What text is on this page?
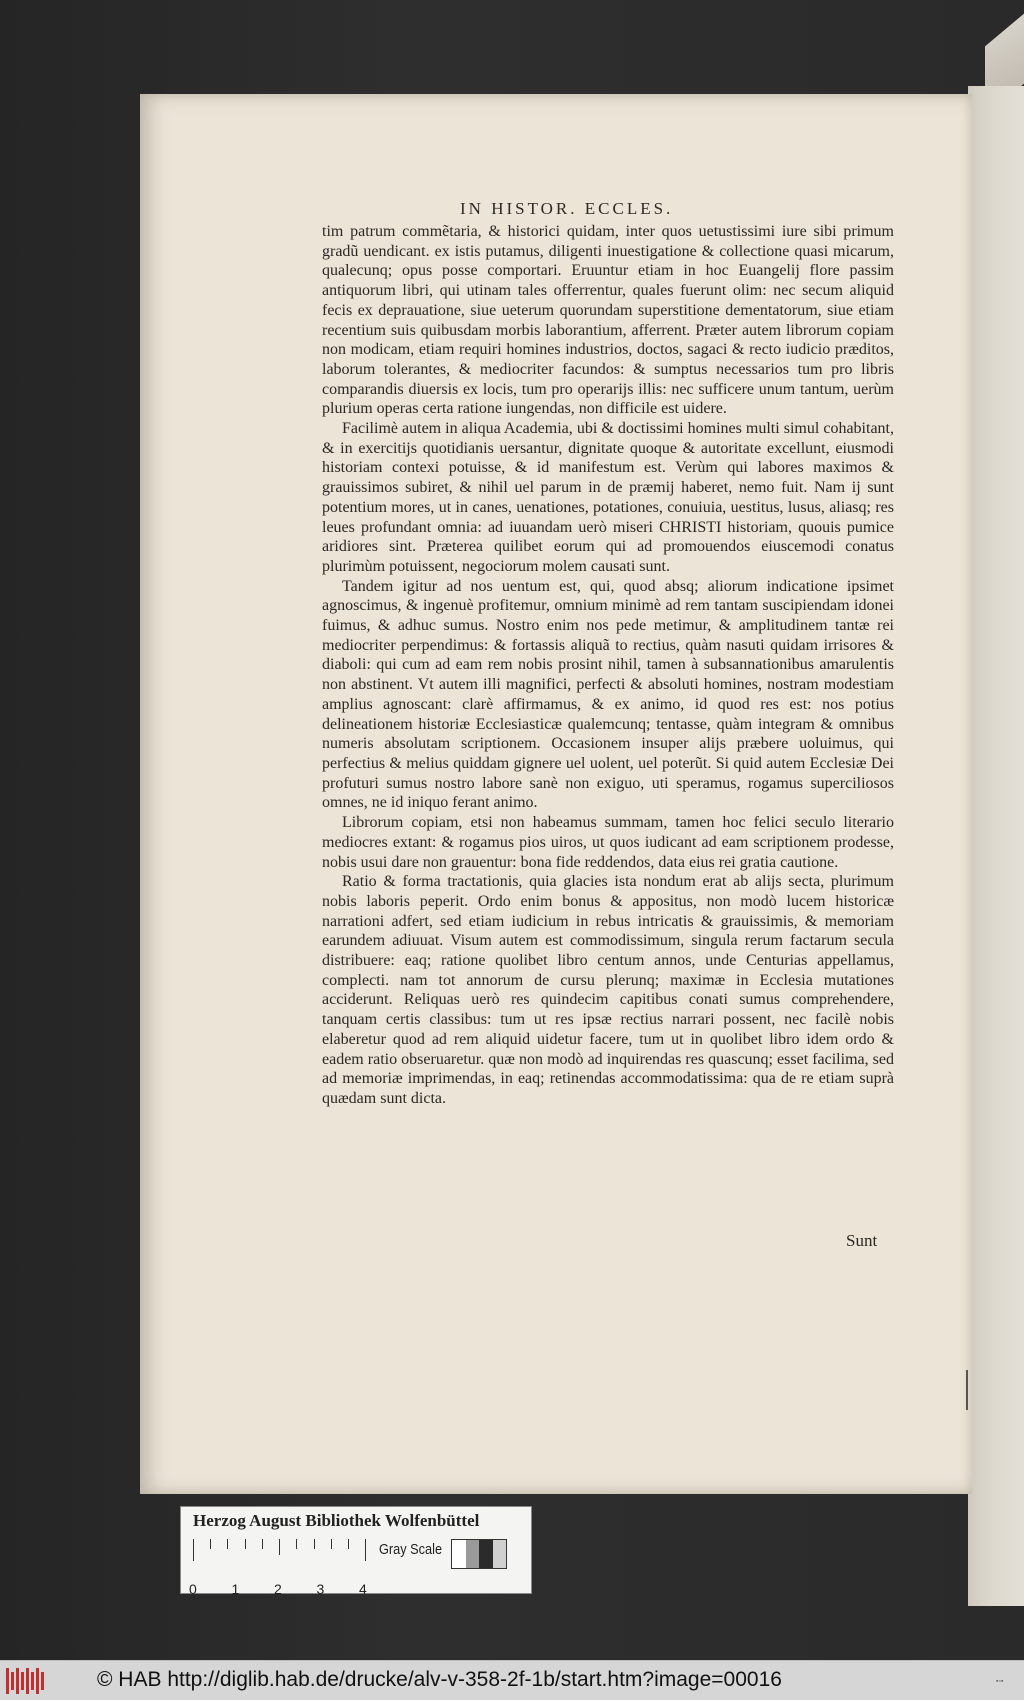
IN HISTOR. ECCLES.

tim patrum commẽtaria, & historici quidam, inter quos uetustissimi iure sibi primum gradũ uendicant. ex istis putamus, diligenti inuestigatione & collectione quasi micarum, qualecunq; opus posse comportari. Eruuntur etiam in hoc Euangelij flore passim antiquorum libri, qui utinam tales offerrentur, quales fuerunt olim: nec secum aliquid fecis ex deprauatione, siue ueterum quorundam superstitione dementatorum, siue etiam recentium suis quibusdam morbis laborantium, afferrent. Præter autem librorum copiam non modicam, etiam requiri homines industrios, doctos, sagaci & recto iudicio præditos, laborum tolerantes, & mediocriter facundos: & sumptus necessarios tum pro libris comparandis diuersis ex locis, tum pro operarijs illis: nec sufficere unum tantum, uerùm plurium operas certa ratione iungendas, non difficile est uidere.

Facilimè autem in aliqua Academia, ubi & doctissimi homines multi simul cohabitant, & in exercitijs quotidianis uersantur, dignitate quoque & autoritate excellunt, eiusmodi historiam contexi potuisse, & id manifestum est. Verùm qui labores maximos & grauissimos subiret, & nihil uel parum in de præmij haberet, nemo fuit. Nam ij sunt potentium mores, ut in canes, uenationes, potationes, conuiuia, uestitus, lusus, aliasq; res leues profundant omnia: ad iuuandam uerò miseri CHRISTI historiam, quouis pumice aridiores sint. Præterea quilibet eorum qui ad promouendos eiuscemodi conatus plurimùm potuissent, negociorum molem causati sunt.

Tandem igitur ad nos uentum est, qui, quod absq; aliorum indicatione ipsimet agnoscimus, & ingenuè profitemur, omnium minimè ad rem tantam suscipiendam idonei fuimus, & adhuc sumus. Nostro enim nos pede metimur, & amplitudinem tantæ rei mediocriter perpendimus: & fortassis aliquã to rectius, quàm nasuti quidam irrisores & diaboli: qui cum ad eam rem nobis prosint nihil, tamen à subsannationibus amarulentis non abstinent. Vt autem illi magnifici, perfecti & absoluti homines, nostram modestiam amplius agnoscant: clarè affirmamus, & ex animo, id quod res est: nos potius delineationem historiæ Ecclesiasticæ qualemcunq; tentasse, quàm integram & omnibus numeris absolutam scriptionem. Occasionem insuper alijs præbere uoluimus, qui perfectius & melius quiddam gignere uel uolent, uel poterũt. Si quid autem Ecclesiæ Dei profuturi sumus nostro labore sanè non exiguo, uti speramus, rogamus superciliosos omnes, ne id iniquo ferant animo.

Librorum copiam, etsi non habeamus summam, tamen hoc felici seculo literario mediocres extant: & rogamus pios uiros, ut quos iudicant ad eam scriptionem prodesse, nobis usui dare non grauentur: bona fide reddendos, data eius rei gratia cautione.

Ratio & forma tractationis, quia glacies ista nondum erat ab alijs secta, plurimum nobis laboris peperit. Ordo enim bonus & appositus, non modò lucem historicæ narrationi adfert, sed etiam iudicium in rebus intricatis & grauissimis, & memoriam earundem adiuuat. Visum autem est commodissimum, singula rerum factarum secula distribuere: eaq; ratione quolibet libro centum annos, unde Centurias appellamus, complecti. nam tot annorum de cursu plerunq; maximæ in Ecclesia mutationes acciderunt. Reliquas uerò res quindecim capitibus conati sumus comprehendere, tanquam certis classibus: tum ut res ipsæ rectius narrari possent, nec facilè nobis elaberetur quod ad rem aliquid uidetur facere, tum ut in quolibet libro idem ordo & eadem ratio obseruaretur. quæ non modò ad inquirendas res quascunq; esset facilima, sed ad memoriæ imprimendas, in eaq; retinendas accommodatissima: qua de re etiam suprà quædam sunt dicta.

Sunt
Herzog August Bibliothek Wolfenbüttel
0 1 2 3 4
Gray Scale
© HAB http://diglib.hab.de/drucke/alv-v-358-2f-1b/start.htm?image=00016	▪▫▪
